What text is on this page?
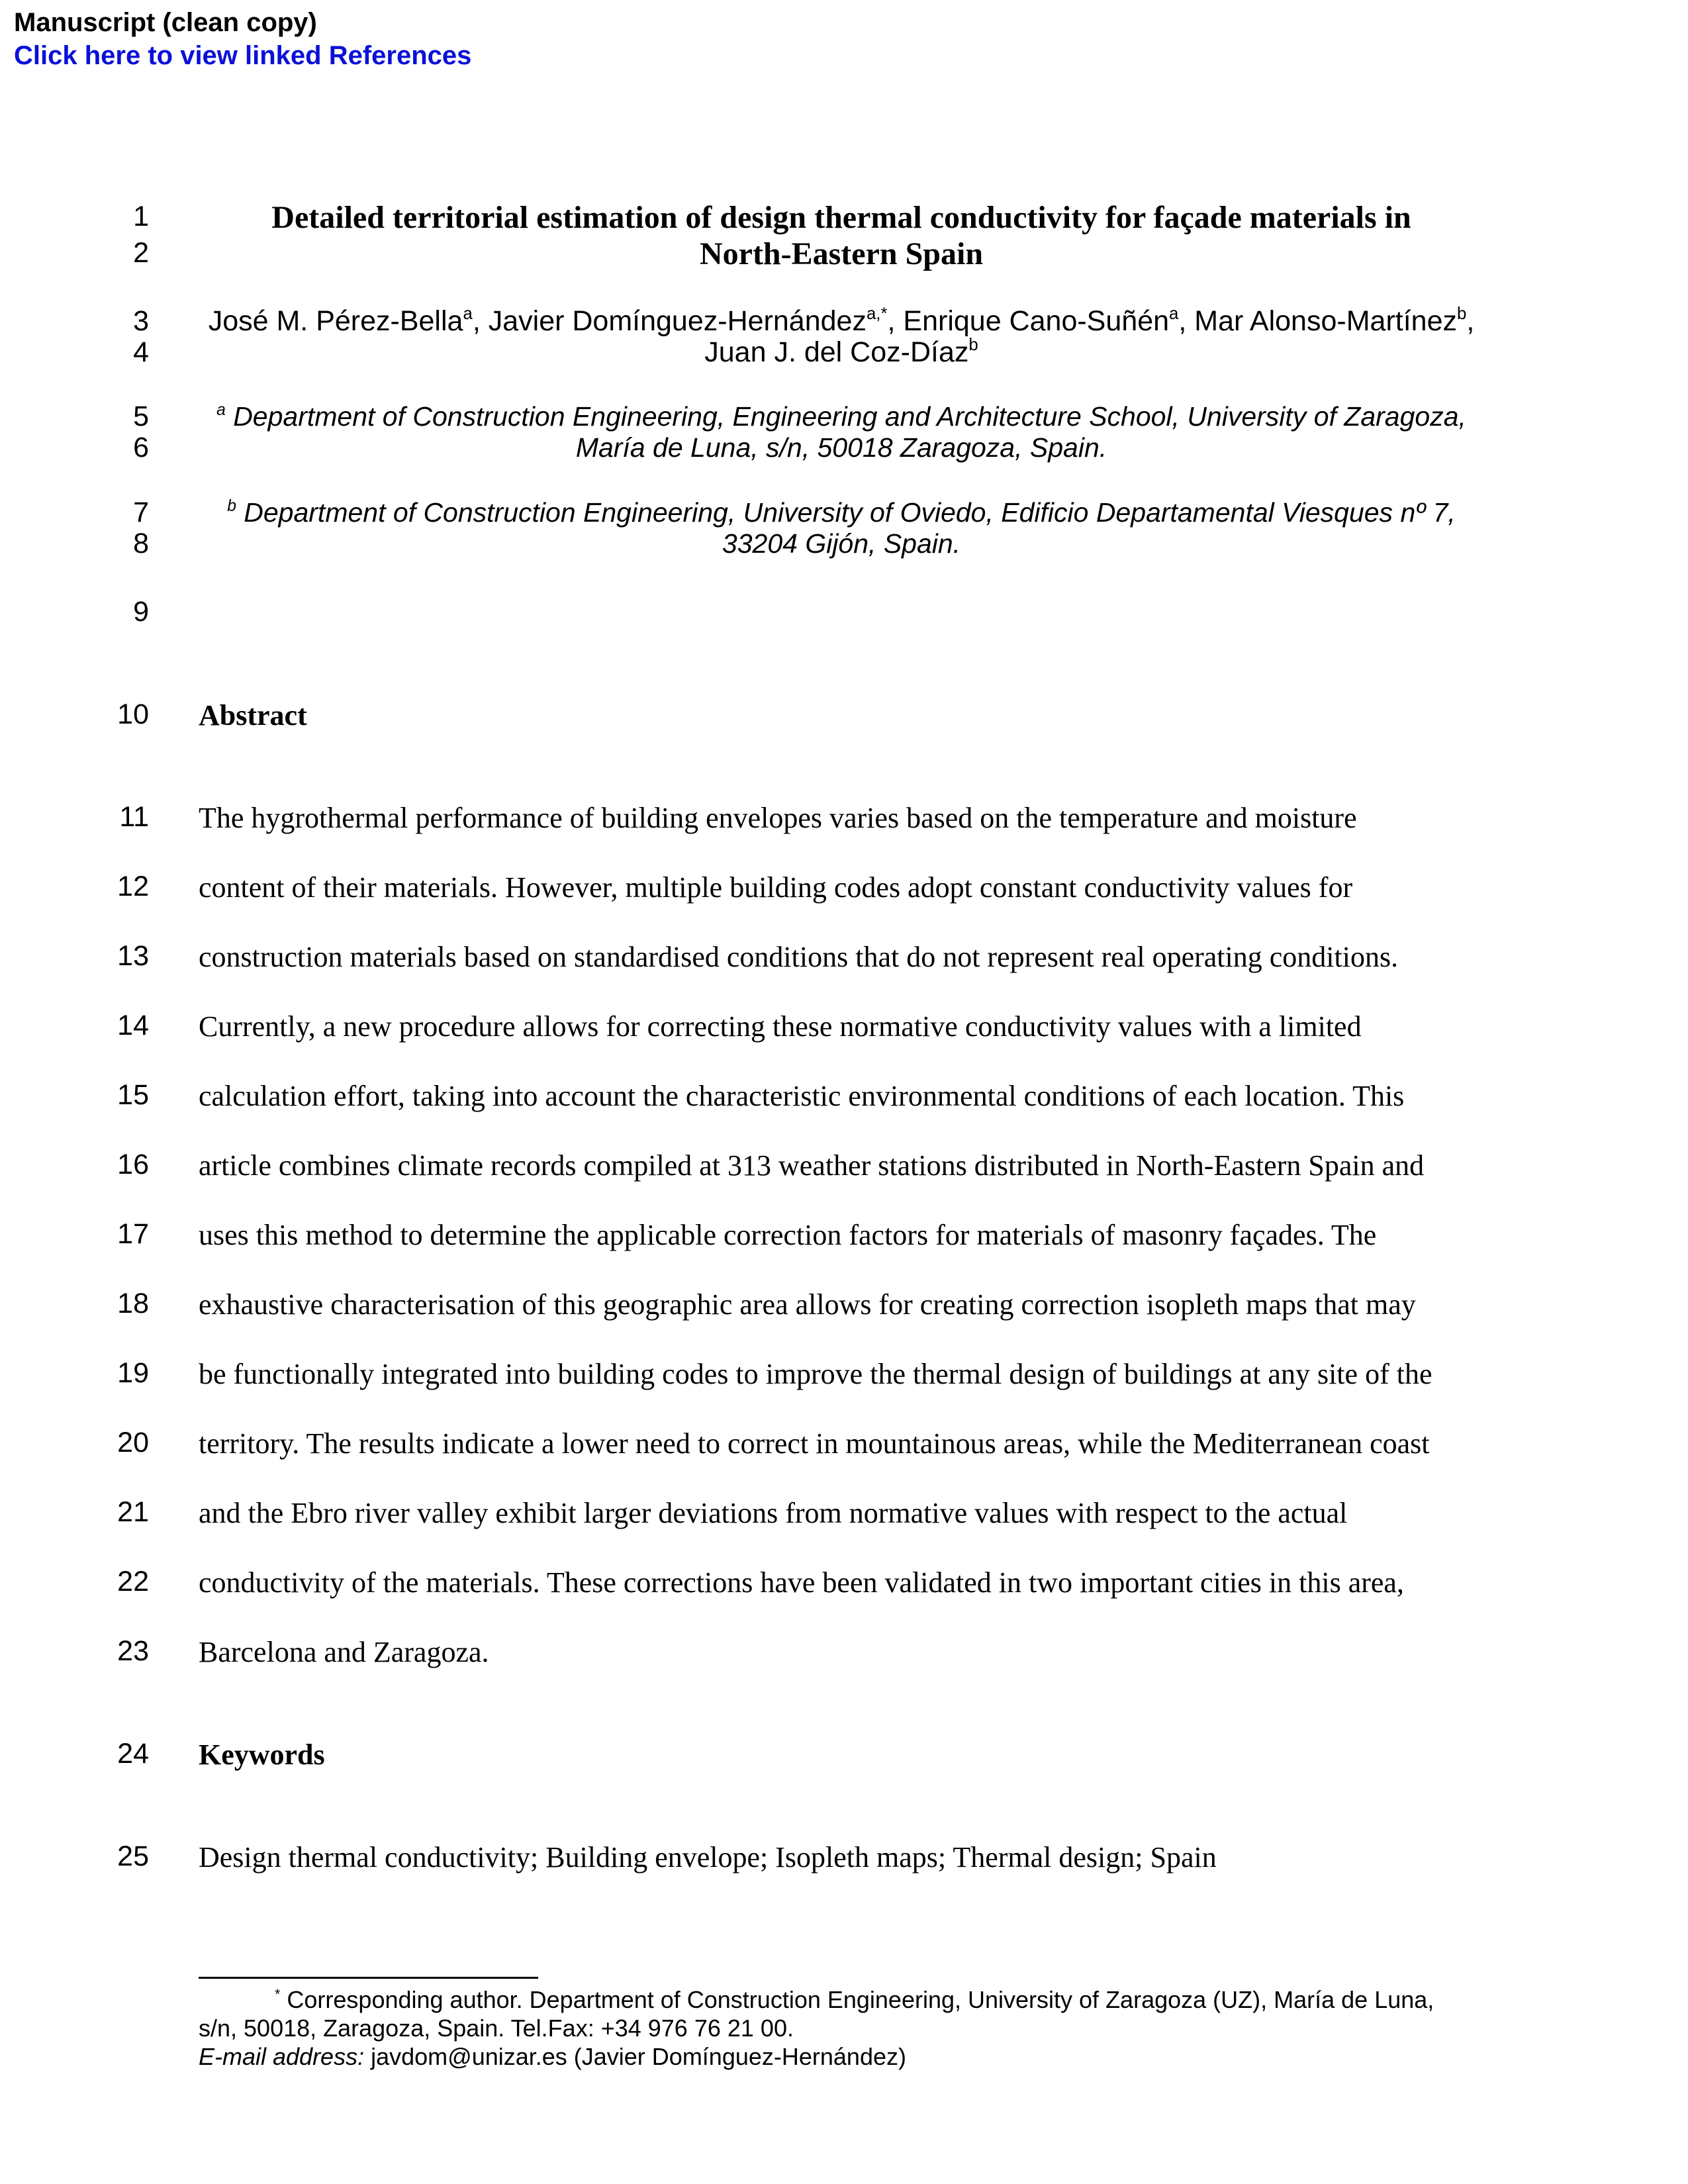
Manuscript (clean copy)
Click here to view linked References
1
2
3
4
5
6
7
8
9
10
11
12
13
14
15
16
17
18
19
20
21
22
23
24
25
Detailed territorial estimation of design thermal conductivity for façade materials in
North-Eastern Spain
José M. Pérez-Bella$^a$, Javier Domínguez-Hernández$^{a,*}$, Enrique Cano-Suñén$^a$, Mar Alonso-Martínez$^b$,
Juan J. del Coz-Díaz$^b$
$^a$ Department of Construction Engineering, Engineering and Architecture School, University of Zaragoza,
María de Luna, s/n, 50018 Zaragoza, Spain.
$^b$ Department of Construction Engineering, University of Oviedo, Edificio Departamental Viesques nº 7,
33204 Gijón, Spain.
Abstract
The hygrothermal performance of building envelopes varies based on the temperature and moisture
content of their materials. However, multiple building codes adopt constant conductivity values for
construction materials based on standardised conditions that do not represent real operating conditions.
Currently, a new procedure allows for correcting these normative conductivity values with a limited
calculation effort, taking into account the characteristic environmental conditions of each location. This
article combines climate records compiled at 313 weather stations distributed in North-Eastern Spain and
uses this method to determine the applicable correction factors for materials of masonry façades. The
exhaustive characterisation of this geographic area allows for creating correction isopleth maps that may
be functionally integrated into building codes to improve the thermal design of buildings at any site of the
territory. The results indicate a lower need to correct in mountainous areas, while the Mediterranean coast
and the Ebro river valley exhibit larger deviations from normative values with respect to the actual
conductivity of the materials. These corrections have been validated in two important cities in this area,
Barcelona and Zaragoza.
Keywords
Design thermal conductivity; Building envelope; Isopleth maps; Thermal design; Spain
* Corresponding author. Department of Construction Engineering, University of Zaragoza (UZ), María de Luna,
s/n, 50018, Zaragoza, Spain. Tel.Fax: +34 976 76 21 00.
E-mail address: javdom@unizar.es (Javier Domínguez-Hernández)
